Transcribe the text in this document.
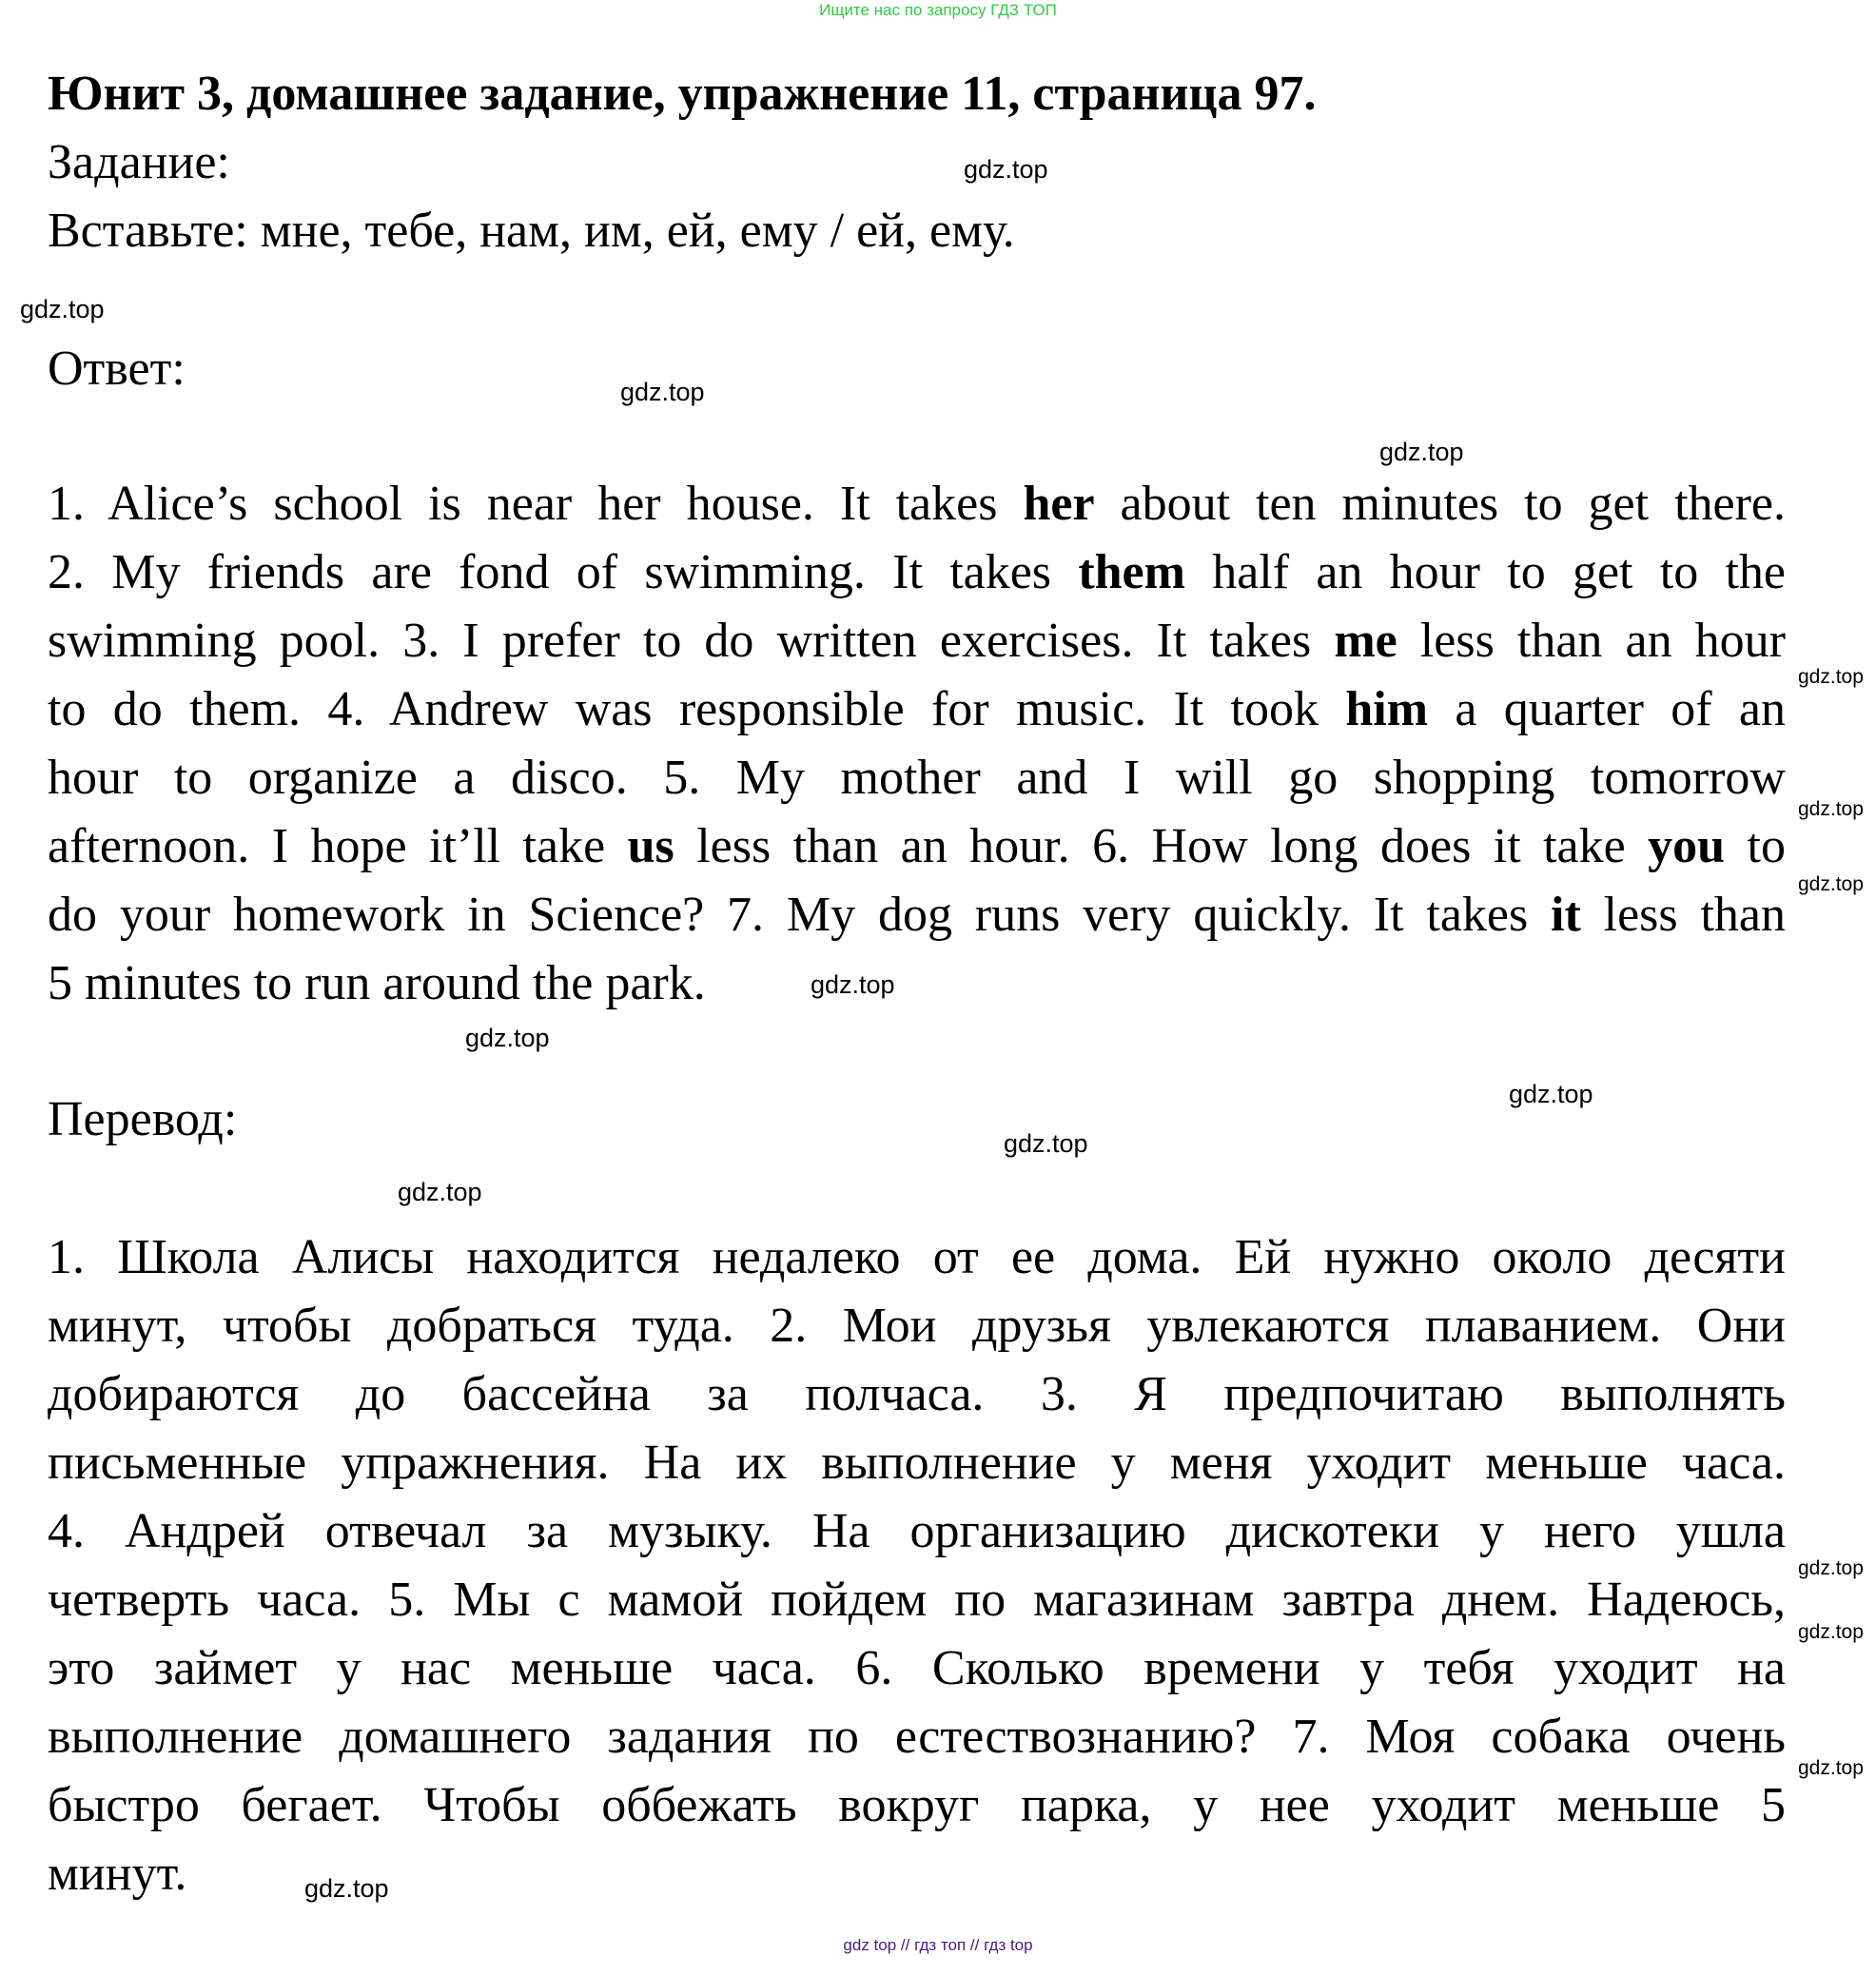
Ищите нас по запросу ГДЗ ТОП
Юнит 3, домашнее задание, упражнение 11, страница 97.
Задание:
Вставьте: мне, тебе, нам, им, ей, ему / ей, ему.
Ответ:
1. Alice’s school is near her house. It takes her about ten minutes to get there.
2. My friends are fond of swimming. It takes them half an hour to get to the
swimming pool. 3. I prefer to do written exercises. It takes me less than an hour
to do them. 4. Andrew was responsible for music. It took him a quarter of an
hour to organize a disco. 5. My mother and I will go shopping tomorrow
afternoon. I hope it’ll take us less than an hour. 6. How long does it take you to
do your homework in Science? 7. My dog runs very quickly. It takes it less than
5 minutes to run around the park.
Перевод:
1. Школа Алисы находится недалеко от ее дома. Ей нужно около десяти
минут, чтобы добраться туда. 2. Мои друзья увлекаются плаванием. Они
добираются до бассейна за полчаса. 3. Я предпочитаю выполнять
письменные упражнения. На их выполнение у меня уходит меньше часа.
4. Андрей отвечал за музыку. На организацию дискотеки у него ушла
четверть часа. 5. Мы с мамой пойдем по магазинам завтра днем. Надеюсь,
это займет у нас меньше часа. 6. Сколько времени у тебя уходит на
выполнение домашнего задания по естествознанию? 7. Моя собака очень
быстро бегает. Чтобы оббежать вокруг парка, у нее уходит меньше 5
минут.
gdz.top
gdz.top
gdz.top
gdz.top
gdz.top
gdz.top
gdz.top
gdz.top
gdz.top
gdz.top
gdz.top
gdz.top
gdz.top
gdz.top
gdz.top
gdz.top
gdz top // гдз топ // гдз top
